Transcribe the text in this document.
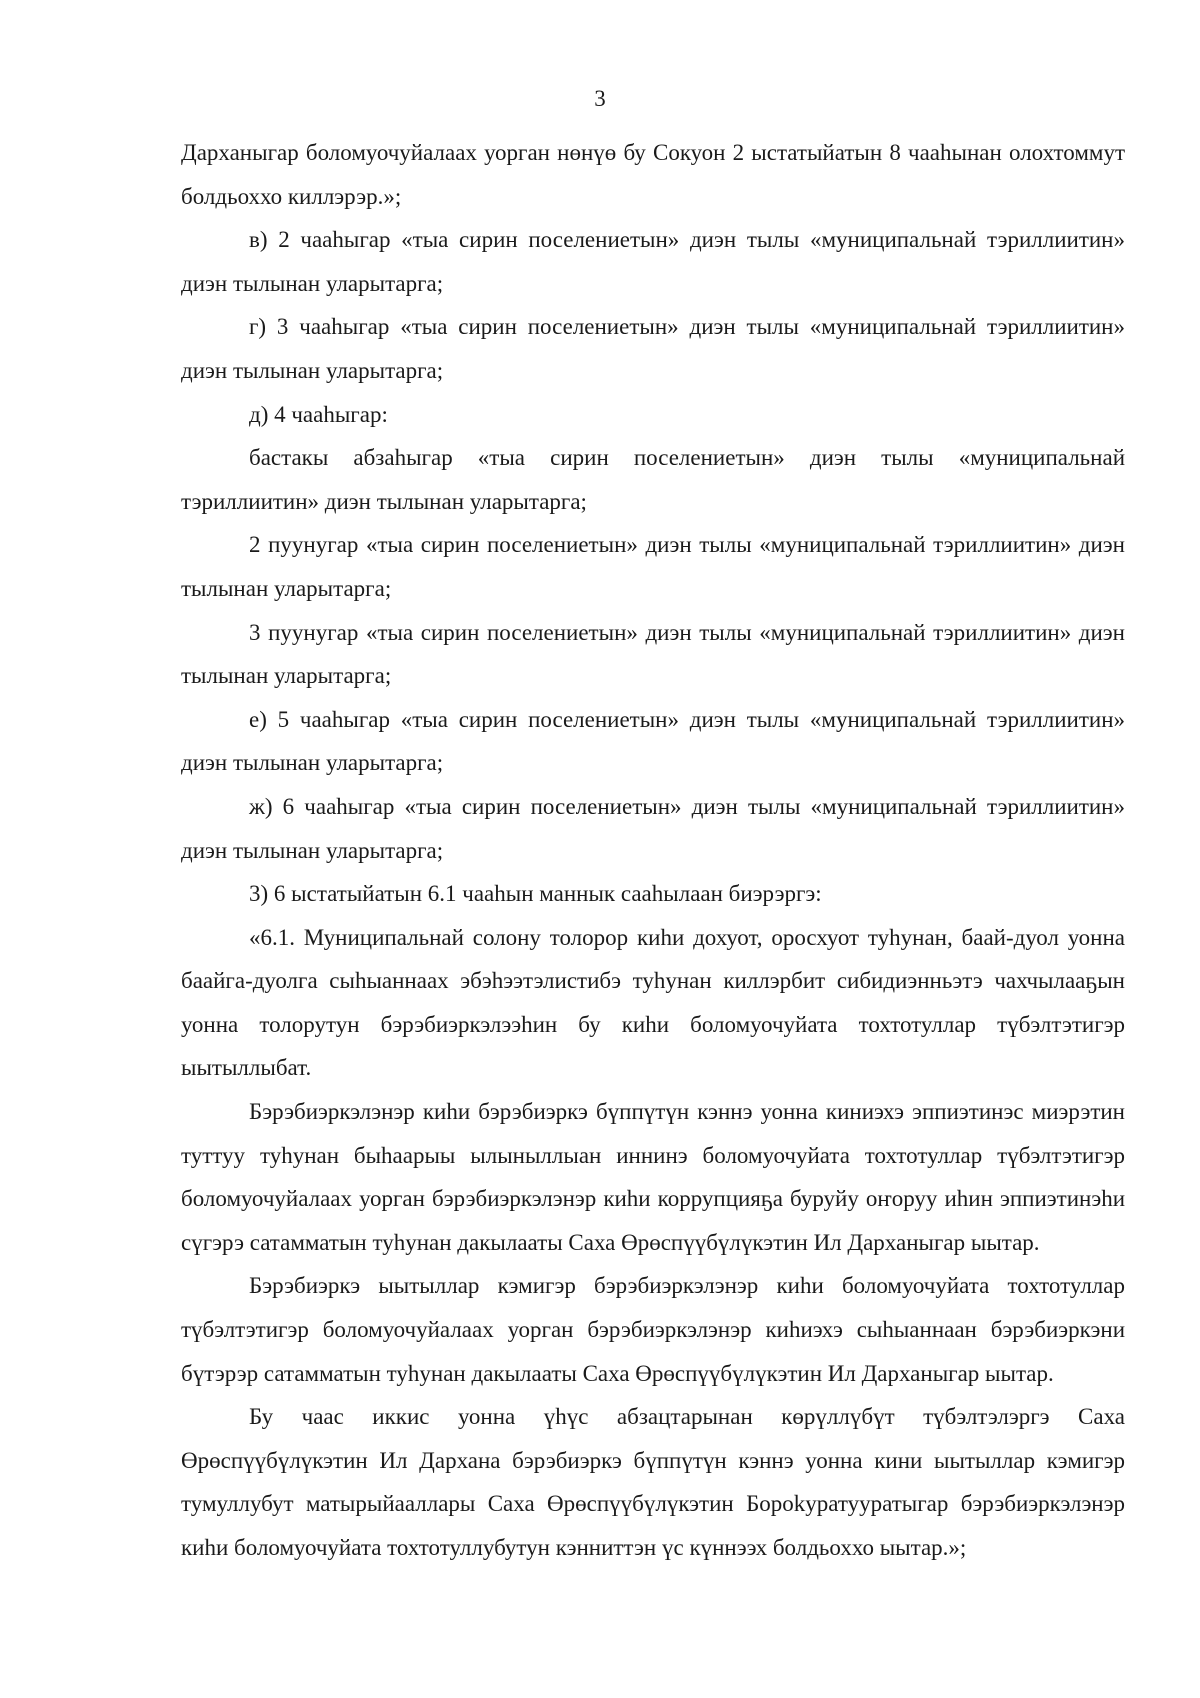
3

Дарханыгар боломуочуйалаах уорган нөнүө бу Сокуон 2 ыстатыйатын 8 чааһынан олохтоммут болдьоххо киллэрэр.»;

в) 2 чааһыгар «тыа сирин поселениетын» диэн тылы «муниципальнай тэриллиитин» диэн тылынан уларытарга;

г) 3 чааһыгар «тыа сирин поселениетын» диэн тылы «муниципальнай тэриллиитин» диэн тылынан уларытарга;

д) 4 чааһыгар:

бастакы абзаһыгар «тыа сирин поселениетын» диэн тылы «муниципальнай тэриллиитин» диэн тылынан уларытарга;

2 пуунугар «тыа сирин поселениетын» диэн тылы «муниципальнай тэриллиитин» диэн тылынан уларытарга;

3 пуунугар «тыа сирин поселениетын» диэн тылы «муниципальнай тэриллиитин» диэн тылынан уларытарга;

е) 5 чааһыгар «тыа сирин поселениетын» диэн тылы «муниципальнай тэриллиитин» диэн тылынан уларытарга;

ж) 6 чааһыгар «тыа сирин поселениетын» диэн тылы «муниципальнай тэриллиитин» диэн тылынан уларытарга;

3) 6 ыстатыйатын 6.1 чааһын маннык сааһылаан биэрэргэ:

«6.1. Муниципальнай солону толорор киһи дохуот, оросхуот туһунан, баай-дуол уонна баайга-дуолга сыһыаннаах эбэһээтэлистибэ туһунан киллэрбит сибидиэнньэтэ чахчылааҕын уонна толорутун бэрэбиэркэлээһин бу киһи боломуочуйата тохтотуллар түбэлтэтигэр ыытыллыбат.

Бэрэбиэркэлэнэр киһи бэрэбиэркэ бүппүтүн кэннэ уонна киниэхэ эппиэтинэс миэрэтин туттуу туһунан быһаарыы ылыныллыан иннинэ боломуочуйата тохтотуллар түбэлтэтигэр боломуочуйалаах уорган бэрэбиэркэлэнэр киһи коррупцияҕа буруйу оҥоруу иһин эппиэтинэһи сүгэрэ сатамматын туһунан дакылааты Саха Өрөспүүбүлүкэтин Ил Дарханыгар ыытар.

Бэрэбиэркэ ыытыллар кэмигэр бэрэбиэркэлэнэр киһи боломуочуйата тохтотуллар түбэлтэтигэр боломуочуйалаах уорган бэрэбиэркэлэнэр киһиэхэ сыһыаннаан бэрэбиэркэни бүтэрэр сатамматын туһунан дакылааты Саха Өрөспүүбүлүкэтин Ил Дарханыгар ыытар.

Бу чаас иккис уонна үһүс абзацтарынан көрүллүбүт түбэлтэлэргэ Саха Өрөспүүбүлүкэтин Ил Дархана бэрэбиэркэ бүппүтүн кэннэ уонна кини ыытыллар кэмигэр тумуллубут матырыйааллары Саха Өрөспүүбүлүкэтин Бороkуратууратыгар бэрэбиэркэлэнэр киһи боломуочуйата тохтотуллубутун кэнниттэн үс күннээх болдьоххо ыытар.»;
